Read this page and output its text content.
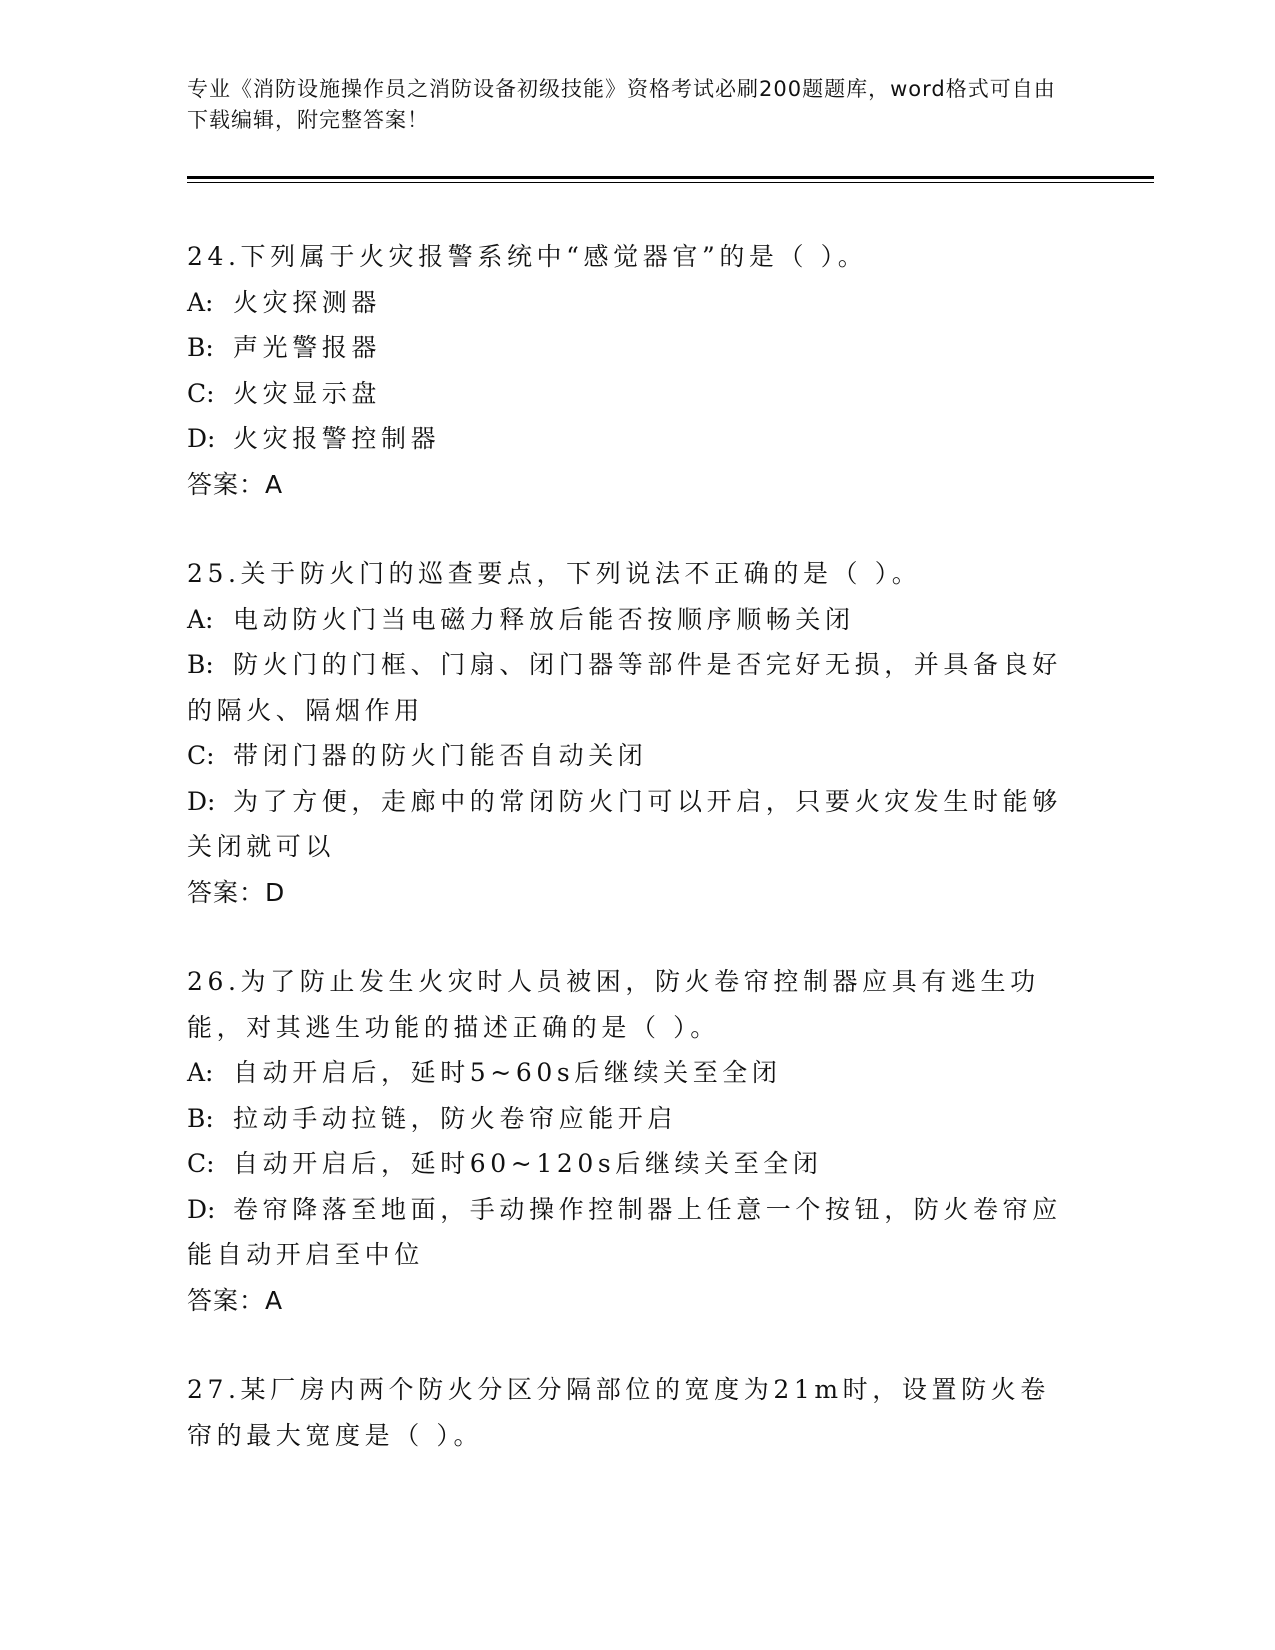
专业《消防设施操作员之消防设备初级技能》资格考试必刷200题题库，word格式可自由下载编辑，附完整答案！
24.下列属于火灾报警系统中“感觉器官”的是（ ）。
A: 火灾探测器
B: 声光警报器
C: 火灾显示盘
D: 火灾报警控制器
答案：A
25.关于防火门的巡查要点，下列说法不正确的是（ ）。
A: 电动防火门当电磁力释放后能否按顺序顺畅关闭
B: 防火门的门框、门扇、闭门器等部件是否完好无损，并具备良好的隔火、隔烟作用
C: 带闭门器的防火门能否自动关闭
D: 为了方便，走廊中的常闭防火门可以开启，只要火灾发生时能够关闭就可以
答案：D
26.为了防止发生火灾时人员被困，防火卷帘控制器应具有逃生功能，对其逃生功能的描述正确的是（ ）。
A: 自动开启后，延时5~60s后继续关至全闭
B: 拉动手动拉链，防火卷帘应能开启
C: 自动开启后，延时60~120s后继续关至全闭
D: 卷帘降落至地面，手动操作控制器上任意一个按钮，防火卷帘应能自动开启至中位
答案：A
27.某厂房内两个防火分区分隔部位的宽度为21m时，设置防火卷帘的最大宽度是（ ）。
